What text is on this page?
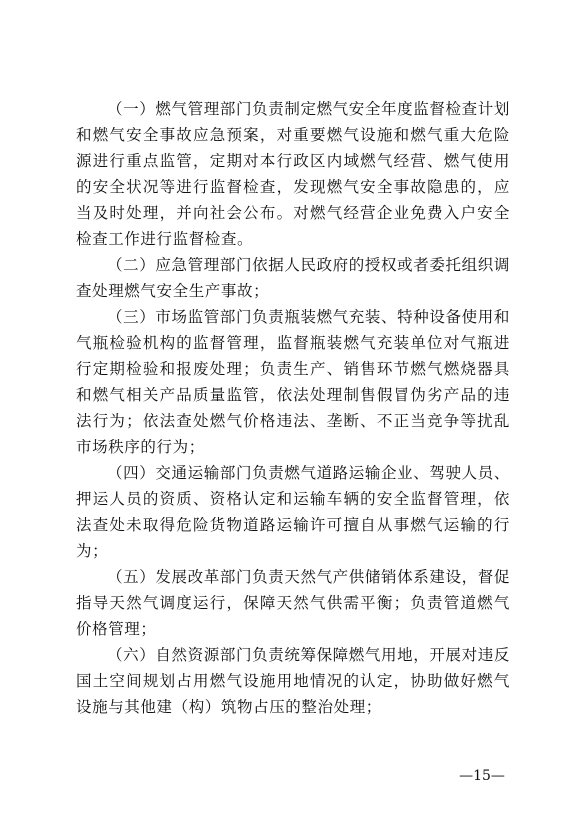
（一）燃气管理部门负责制定燃气安全年度监督检查计划和燃气安全事故应急预案，对重要燃气设施和燃气重大危险源进行重点监管，定期对本行政区内域燃气经营、燃气使用的安全状况等进行监督检查，发现燃气安全事故隐患的，应当及时处理，并向社会公布。对燃气经营企业免费入户安全检查工作进行监督检查。

（二）应急管理部门依据人民政府的授权或者委托组织调查处理燃气安全生产事故；

（三）市场监管部门负责瓶装燃气充装、特种设备使用和气瓶检验机构的监督管理，监督瓶装燃气充装单位对气瓶进行定期检验和报废处理；负责生产、销售环节燃气燃烧器具和燃气相关产品质量监管，依法处理制售假冒伪劣产品的违法行为；依法查处燃气价格违法、垄断、不正当竞争等扰乱市场秩序的行为；

（四）交通运输部门负责燃气道路运输企业、驾驶人员、押运人员的资质、资格认定和运输车辆的安全监督管理，依法查处未取得危险货物道路运输许可擅自从事燃气运输的行为；

（五）发展改革部门负责天然气产供储销体系建设，督促指导天然气调度运行，保障天然气供需平衡；负责管道燃气价格管理；

（六）自然资源部门负责统筹保障燃气用地，开展对违反国土空间规划占用燃气设施用地情况的认定，协助做好燃气设施与其他建（构）筑物占压的整治处理；

—15—
